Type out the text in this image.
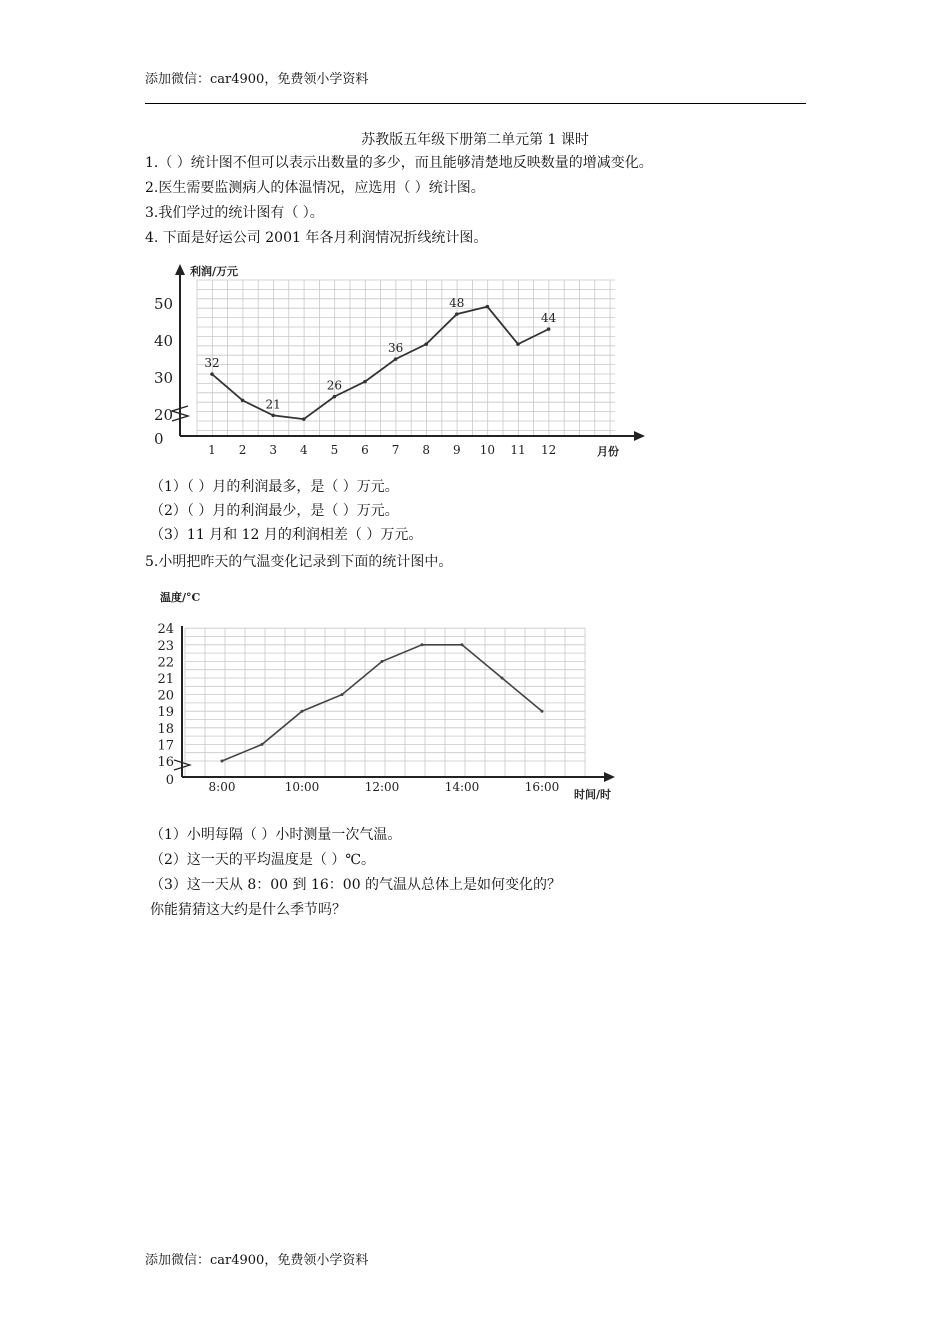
添加微信：car4900，免费领小学资料
苏教版五年级下册第二单元第 1 课时
1.（ ）统计图不但可以表示出数量的多少，而且能够清楚地反映数量的增减变化。
2.医生需要监测病人的体温情况，应选用（ ）统计图。
3.我们学过的统计图有（ ）。
4. 下面是好运公司 2001 年各月利润情况折线统计图。
利润/万元
月份
0
20
30
40
50
1 2 3 4 5 6 7 8 9 10 11 12
32
21
26
36
48
44
（1）（ ）月的利润最多，是（ ）万元。
（2）（ ）月的利润最少，是（ ）万元。
（3）11 月和 12 月的利润相差（ ）万元。
5.小明把昨天的气温变化记录到下面的统计图中。
温度/°C
时间/时
0
16
17
18
19
20
21
22
23
24
8:00	10:00	12:00	14:00	16:00
（1）小明每隔（ ）小时测量一次气温。
（2）这一天的平均温度是（ ）℃。
（3）这一天从 8：00 到 16：00 的气温从总体上是如何变化的？
你能猜猜这大约是什么季节吗？
添加微信：car4900，免费领小学资料
